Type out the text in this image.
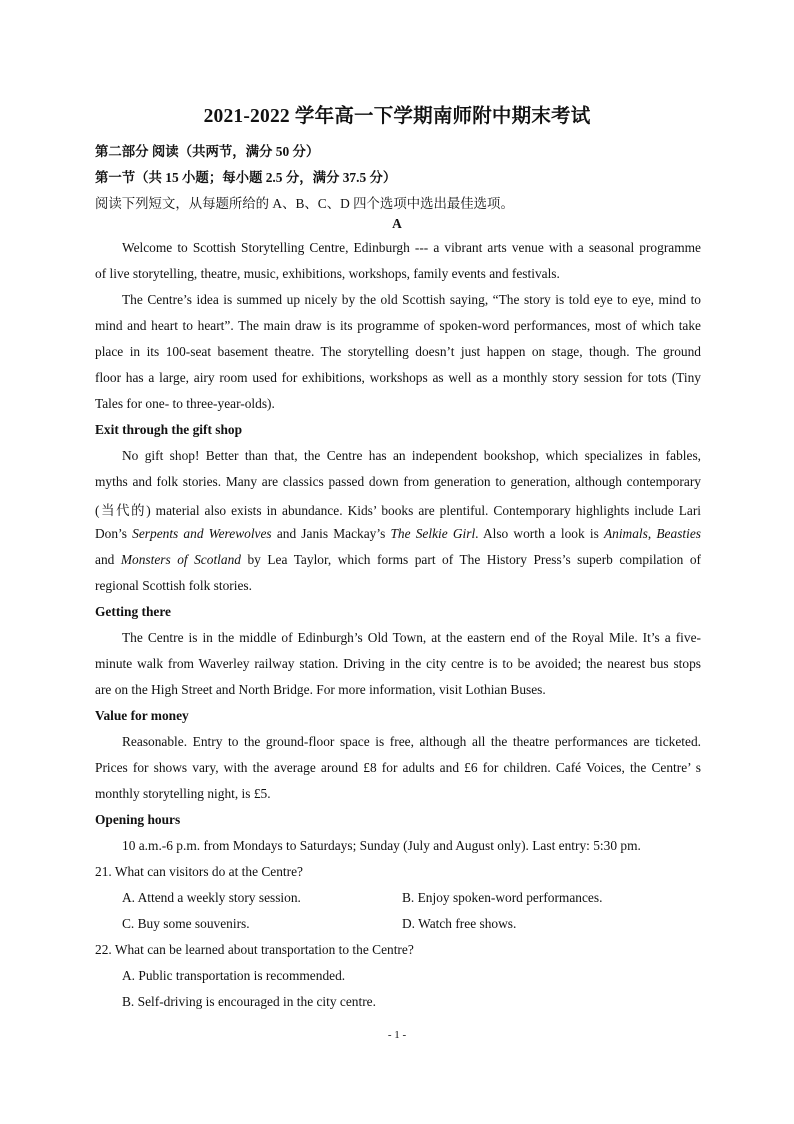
2021-2022 学年高一下学期南师附中期末考试
第二部分 阅读（共两节，满分 50 分）
第一节（共 15 小题；每小题 2.5 分，满分 37.5 分）
阅读下列短文，从每题所给的 A、B、C、D 四个选项中选出最佳选项。
A
Welcome to Scottish Storytelling Centre, Edinburgh --- a vibrant arts venue with a seasonal programme
of live storytelling, theatre, music, exhibitions, workshops, family events and festivals.
The Centre’s idea is summed up nicely by the old Scottish saying, “The story is told eye to eye, mind to
mind and heart to heart”. The main draw is its programme of spoken-word performances, most of which take
place in its 100-seat basement theatre. The storytelling doesn’t just happen on stage, though. The ground
floor has a large, airy room used for exhibitions, workshops as well as a monthly story session for tots (Tiny
Tales for one- to three-year-olds).
Exit through the gift shop
No gift shop! Better than that, the Centre has an independent bookshop, which specializes in fables,
myths and folk stories. Many are classics passed down from generation to generation, although contemporary
(当代的) material also exists in abundance. Kids’ books are plentiful. Contemporary highlights include Lari
Don’s Serpents and Werewolves and Janis Mackay’s The Selkie Girl. Also worth a look is Animals, Beasties
and Monsters of Scotland by Lea Taylor, which forms part of The History Press’s superb compilation of
regional Scottish folk stories.
Getting there
The Centre is in the middle of Edinburgh’s Old Town, at the eastern end of the Royal Mile. It’s a five-
minute walk from Waverley railway station. Driving in the city centre is to be avoided; the nearest bus stops
are on the High Street and North Bridge. For more information, visit Lothian Buses.
Value for money
Reasonable. Entry to the ground-floor space is free, although all the theatre performances are ticketed.
Prices for shows vary, with the average around £8 for adults and £6 for children. Café Voices, the Centre’ s
monthly storytelling night, is £5.
Opening hours
10 a.m.-6 p.m. from Mondays to Saturdays; Sunday (July and August only). Last entry: 5:30 pm.
21. What can visitors do at the Centre?
A. Attend a weekly story session.	B. Enjoy spoken-word performances.
C. Buy some souvenirs.	D. Watch free shows.
22. What can be learned about transportation to the Centre?
A. Public transportation is recommended.
B. Self-driving is encouraged in the city centre.
- 1 -
